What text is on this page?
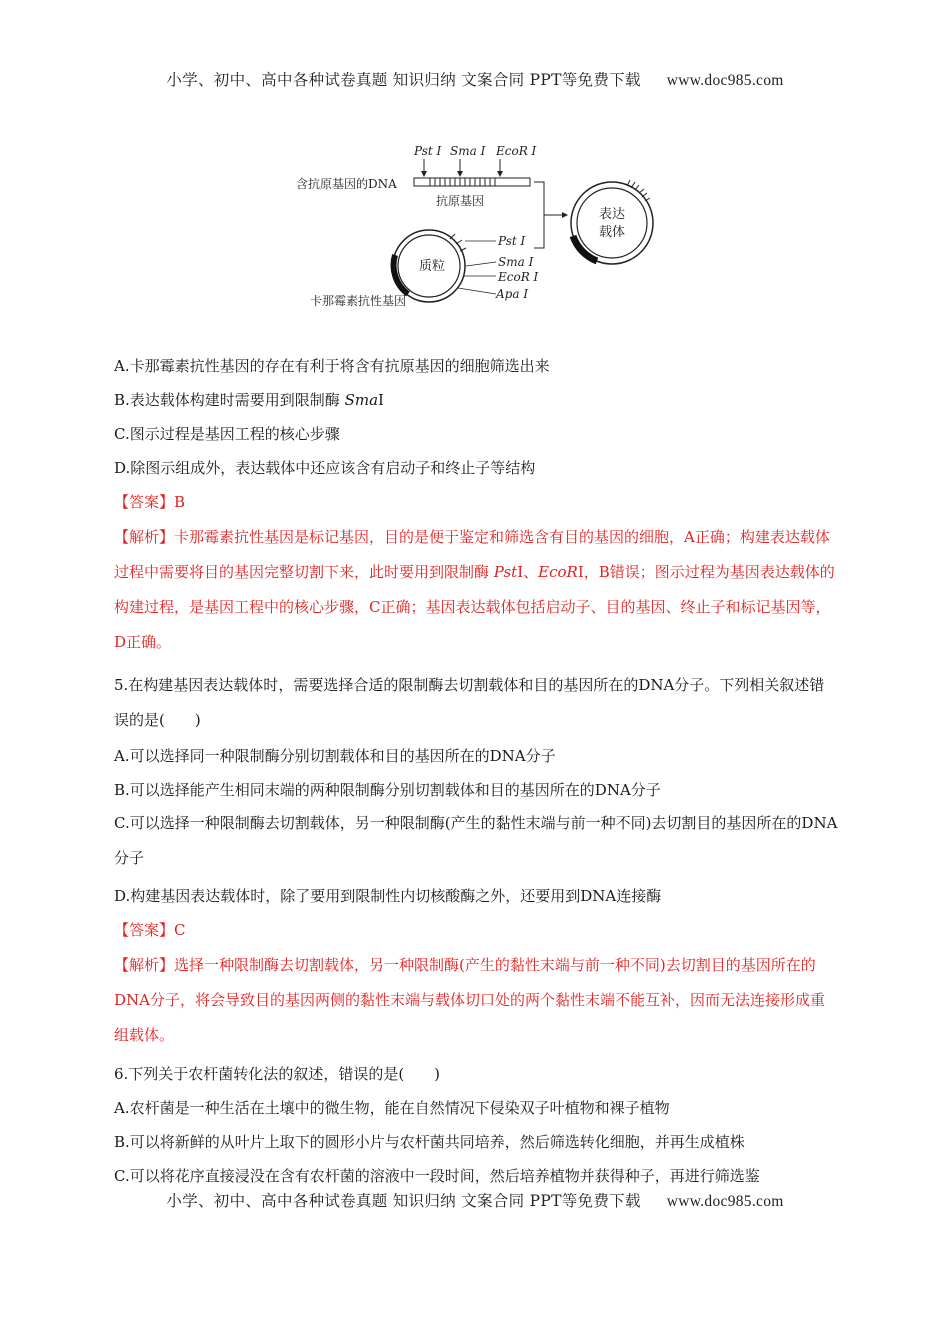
小学、初中、高中各种试卷真题 知识归纳 文案合同 PPT等免费下载 www.doc985.com
Pst Ⅰ Sma Ⅰ EcoR Ⅰ
含抗原基因的DNA
抗原基因
质粒
Pst Ⅰ
Sma Ⅰ
EcoR Ⅰ
Apa Ⅰ
卡那霉素抗性基因
表达
载体
A.卡那霉素抗性基因的存在有利于将含有抗原基因的细胞筛选出来
B.表达载体构建时需要用到限制酶 SmaⅠ
C.图示过程是基因工程的核心步骤
D.除图示组成外，表达载体中还应该含有启动子和终止子等结构
【答案】B
【解析】卡那霉素抗性基因是标记基因，目的是便于鉴定和筛选含有目的基因的细胞，A正确；构建表达载体过程中需要将目的基因完整切割下来，此时要用到限制酶 PstⅠ、EcoRⅠ，B错误；图示过程为基因表达载体的构建过程，是基因工程中的核心步骤，C正确；基因表达载体包括启动子、目的基因、终止子和标记基因等，D正确。
5.在构建基因表达载体时，需要选择合适的限制酶去切割载体和目的基因所在的DNA分子。下列相关叙述错误的是(　　)
A.可以选择同一种限制酶分别切割载体和目的基因所在的DNA分子
B.可以选择能产生相同末端的两种限制酶分别切割载体和目的基因所在的DNA分子
C.可以选择一种限制酶去切割载体，另一种限制酶(产生的黏性末端与前一种不同)去切割目的基因所在的DNA分子
D.构建基因表达载体时，除了要用到限制性内切核酸酶之外，还要用到DNA连接酶
【答案】C
【解析】选择一种限制酶去切割载体，另一种限制酶(产生的黏性末端与前一种不同)去切割目的基因所在的DNA分子，将会导致目的基因两侧的黏性末端与载体切口处的两个黏性末端不能互补，因而无法连接形成重组载体。
6.下列关于农杆菌转化法的叙述，错误的是(　　)
A.农杆菌是一种生活在土壤中的微生物，能在自然情况下侵染双子叶植物和裸子植物
B.可以将新鲜的从叶片上取下的圆形小片与农杆菌共同培养，然后筛选转化细胞，并再生成植株
C.可以将花序直接浸没在含有农杆菌的溶液中一段时间，然后培养植物并获得种子，再进行筛选鉴
小学、初中、高中各种试卷真题 知识归纳 文案合同 PPT等免费下载 www.doc985.com
